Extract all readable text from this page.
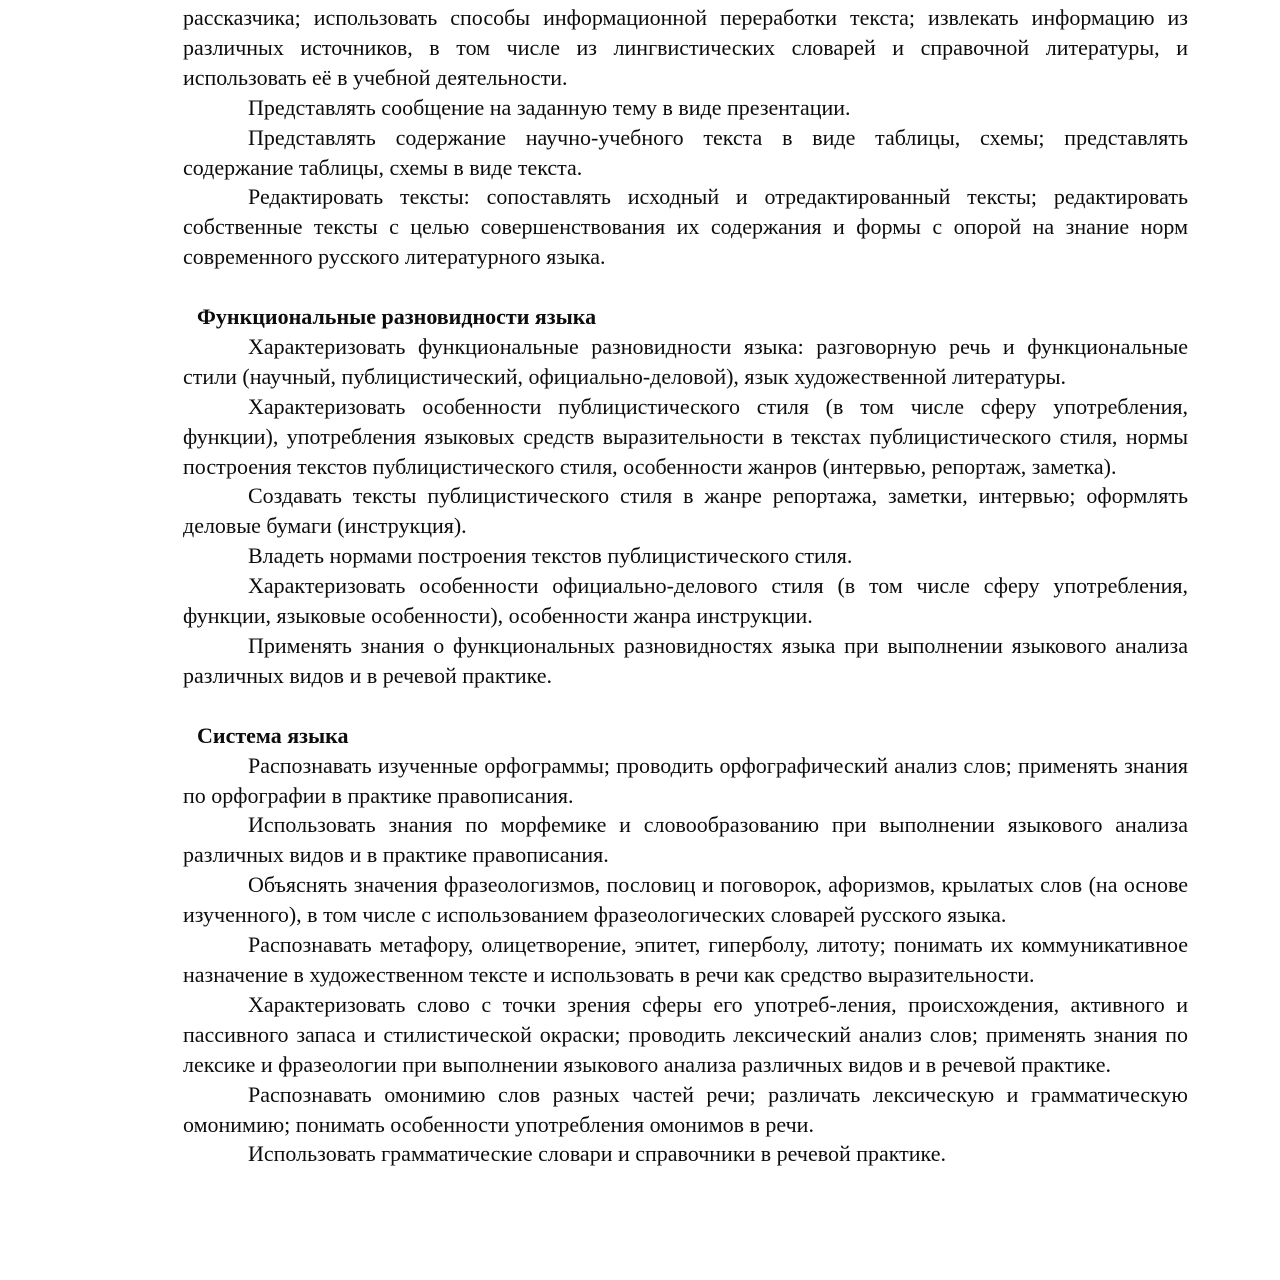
рассказчика; использовать способы информационной переработки текста; извлекать информацию из различных источников, в том числе из лингвистических словарей и справочной литературы, и использовать её в учебной деятельности.

Представлять сообщение на заданную тему в виде презентации.

Представлять содержание научно-учебного текста в виде таблицы, схемы; представлять содержание таблицы, схемы в виде текста.

Редактировать тексты: сопоставлять исходный и отредактированный тексты; редактировать собственные тексты с целью совершенствования их содержания и формы с опорой на знание норм современного русского литературного языка.

Функциональные разновидности языка

Характеризовать функциональные разновидности языка: разговорную речь и функциональные стили (научный, публицистический, официально-деловой), язык художественной литературы.

Характеризовать особенности публицистического стиля (в том числе сферу употребления, функции), употребления языковых средств выразительности в текстах публицистического стиля, нормы построения текстов публицистического стиля, особенности жанров (интервью, репортаж, заметка).

Создавать тексты публицистического стиля в жанре репортажа, заметки, интервью; оформлять деловые бумаги (инструкция).

Владеть нормами построения текстов публицистического стиля.

Характеризовать особенности официально-делового стиля (в том числе сферу употребления, функции, языковые особенности), особенности жанра инструкции.

Применять знания о функциональных разновидностях языка при выполнении языкового анализа различных видов и в речевой практике.

Система языка

Распознавать изученные орфограммы; проводить орфографический анализ слов; применять знания по орфографии в практике правописания.

Использовать знания по морфемике и словообразованию при выполнении языкового анализа различных видов и в практике правописания.

Объяснять значения фразеологизмов, пословиц и поговорок, афоризмов, крылатых слов (на основе изученного), в том числе с использованием фразеологических словарей русского языка.

Распознавать метафору, олицетворение, эпитет, гиперболу, литоту; понимать их коммуникативное назначение в художественном тексте и использовать в речи как средство выразительности.

Характеризовать слово с точки зрения сферы его употреб-ления, происхождения, активного и пассивного запаса и стилистической окраски; проводить лексический анализ слов; применять знания по лексике и фразеологии при выполнении языкового анализа различных видов и в речевой практике.

Распознавать омонимию слов разных частей речи; различать лексическую и грамматическую омонимию; понимать особенности употребления омонимов в речи.

Использовать грамматические словари и справочники в речевой практике.
